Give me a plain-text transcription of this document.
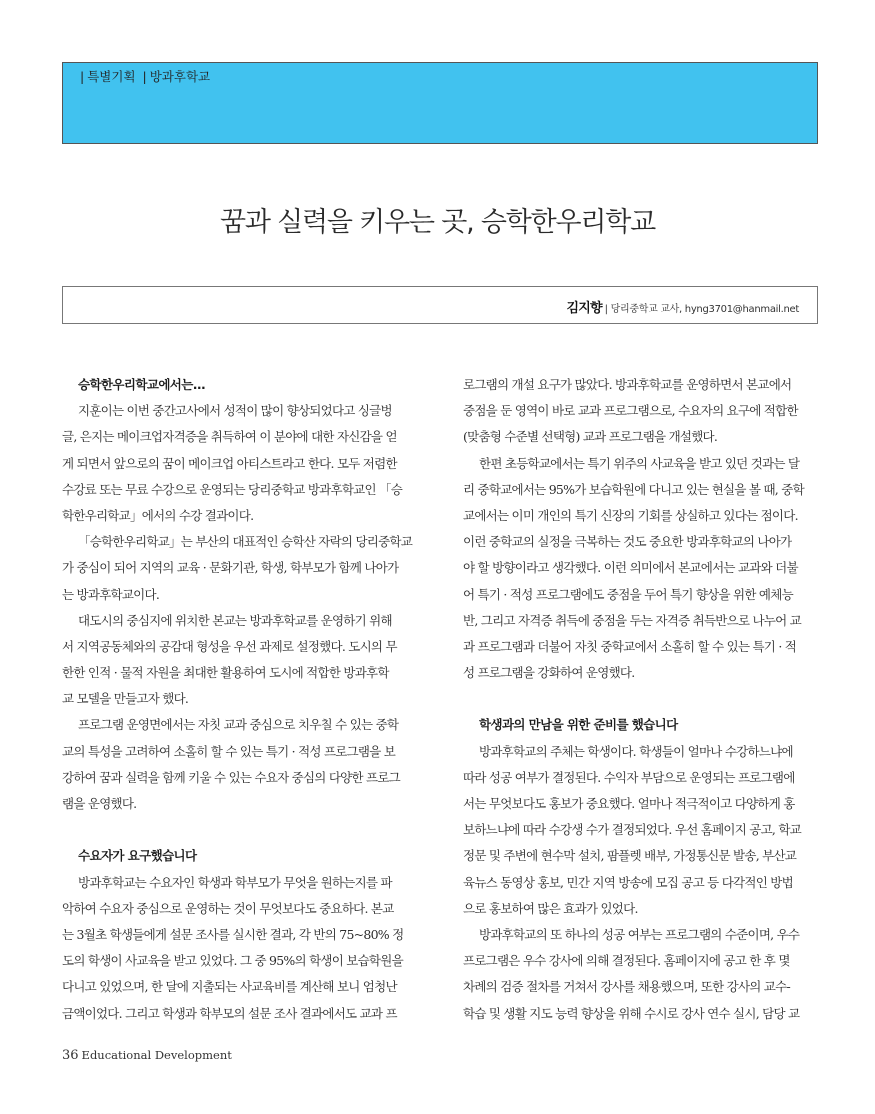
| 특별기획 | 방과후학교
꿈과 실력을 키우는 곳, 승학한우리학교
김지향 | 당리중학교 교사, hyng3701@hanmail.net
승학한우리학교에서는...
지훈이는 이번 중간고사에서 성적이 많이 향상되었다고 싱글벙
글, 은지는 메이크업자격증을 취득하여 이 분야에 대한 자신감을 얻
게 되면서 앞으로의 꿈이 메이크업 아티스트라고 한다. 모두 저렴한
수강료 또는 무료 수강으로 운영되는 당리중학교 방과후학교인 「승
학한우리학교」에서의 수강 결과이다.
「승학한우리학교」는 부산의 대표적인 승학산 자락의 당리중학교
가 중심이 되어 지역의 교육 · 문화기관, 학생, 학부모가 함께 나아가
는 방과후학교이다.
대도시의 중심지에 위치한 본교는 방과후학교를 운영하기 위해
서 지역공동체와의 공감대 형성을 우선 과제로 설정했다. 도시의 무
한한 인적 · 물적 자원을 최대한 활용하여 도시에 적합한 방과후학
교 모델을 만들고자 했다.
프로그램 운영면에서는 자칫 교과 중심으로 치우칠 수 있는 중학
교의 특성을 고려하여 소홀히 할 수 있는 특기 · 적성 프로그램을 보
강하여 꿈과 실력을 함께 키울 수 있는 수요자 중심의 다양한 프로그
램을 운영했다.
수요자가 요구했습니다
방과후학교는 수요자인 학생과 학부모가 무엇을 원하는지를 파
악하여 수요자 중심으로 운영하는 것이 무엇보다도 중요하다. 본교
는 3월초 학생들에게 설문 조사를 실시한 결과, 각 반의 75~80% 정
도의 학생이 사교육을 받고 있었다. 그 중 95%의 학생이 보습학원을
다니고 있었으며, 한 달에 지출되는 사교육비를 계산해 보니 엄청난
금액이었다. 그리고 학생과 학부모의 설문 조사 결과에서도 교과 프
로그램의 개설 요구가 많았다. 방과후학교를 운영하면서 본교에서
중점을 둔 영역이 바로 교과 프로그램으로, 수요자의 요구에 적합한
(맞춤형 수준별 선택형) 교과 프로그램을 개설했다.
한편 초등학교에서는 특기 위주의 사교육을 받고 있던 것과는 달
리 중학교에서는 95%가 보습학원에 다니고 있는 현실을 볼 때, 중학
교에서는 이미 개인의 특기 신장의 기회를 상실하고 있다는 점이다.
이런 중학교의 실정을 극복하는 것도 중요한 방과후학교의 나아가
야 할 방향이라고 생각했다. 이런 의미에서 본교에서는 교과와 더불
어 특기 · 적성 프로그램에도 중점을 두어 특기 향상을 위한 예체능
반, 그리고 자격증 취득에 중점을 두는 자격증 취득반으로 나누어 교
과 프로그램과 더불어 자칫 중학교에서 소홀히 할 수 있는 특기 · 적
성 프로그램을 강화하여 운영했다.
학생과의 만남을 위한 준비를 했습니다
방과후학교의 주체는 학생이다. 학생들이 얼마나 수강하느냐에
따라 성공 여부가 결정된다. 수익자 부담으로 운영되는 프로그램에
서는 무엇보다도 홍보가 중요했다. 얼마나 적극적이고 다양하게 홍
보하느냐에 따라 수강생 수가 결정되었다. 우선 홈페이지 공고, 학교
정문 및 주변에 현수막 설치, 팜플렛 배부, 가정통신문 발송, 부산교
육뉴스 동영상 홍보, 민간 지역 방송에 모집 공고 등 다각적인 방법
으로 홍보하여 많은 효과가 있었다.
방과후학교의 또 하나의 성공 여부는 프로그램의 수준이며, 우수
프로그램은 우수 강사에 의해 결정된다. 홈페이지에 공고 한 후 몇
차례의 검증 절차를 거쳐서 강사를 채용했으며, 또한 강사의 교수-
학습 및 생활 지도 능력 향상을 위해 수시로 강사 연수 실시, 담당 교
36 Educational Development
